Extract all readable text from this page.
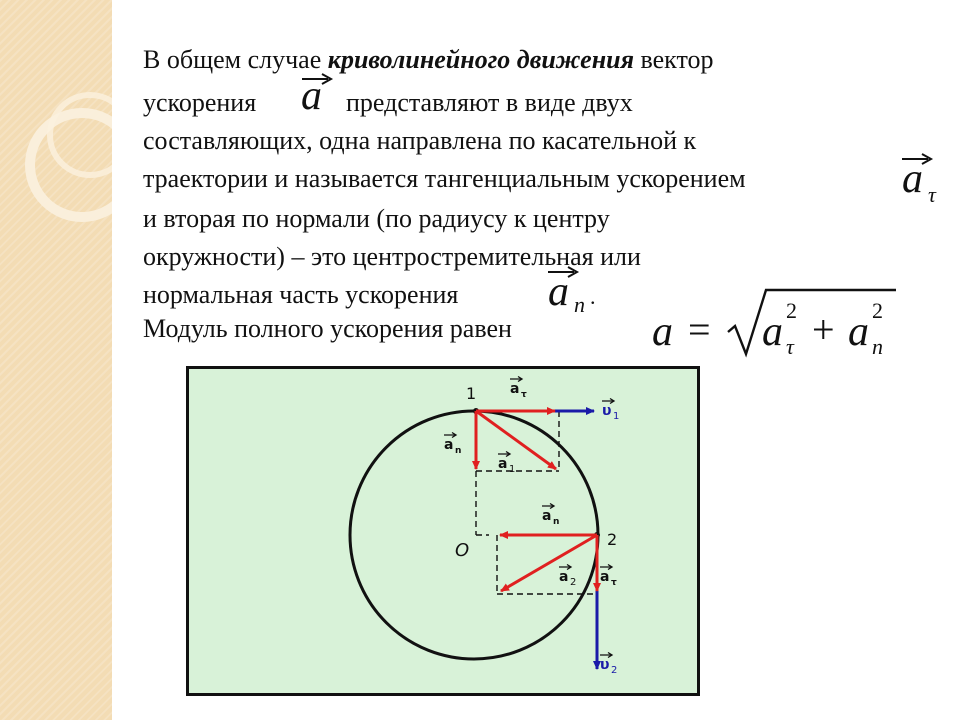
В общем случае криволинейного движения вектор
ускорения	представляют в виде двух
составляющих, одна направлена по касательной к
траектории и называется тангенциальным ускорением
и вторая по нормали (по радиусу к центру
окружности) – это центростремительная или
нормальная часть ускорения
Модуль полного ускорения равен
a
a τ
a n .
a = a 2
τ + a 2
n
1
2
O
a τ
υ 1
a n
a 1
a n
a 2 a τ
υ 2
